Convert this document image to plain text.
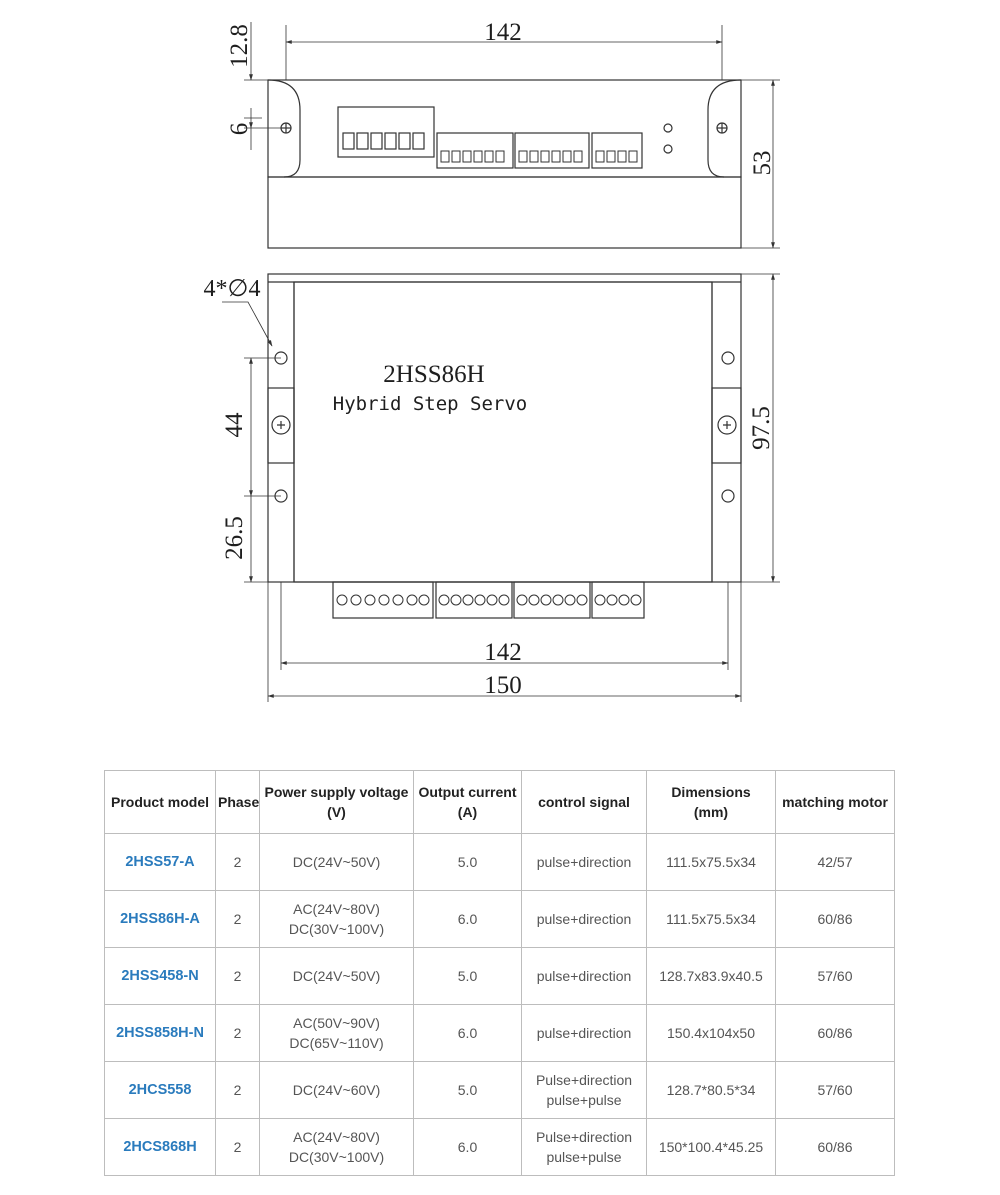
142
12.8
6
53
2HSS86H
Hybrid Step Servo
4*∅4
44
26.5
97.5
142
150
Product model	Phase	Power supply voltage
(V)	Output current
(A)	control signal	Dimensions
(mm)	matching motor

2HSS57-A	2	DC(24V~50V)	5.0	pulse+direction	111.5x75.5x34	42/57
2HSS86H-A	2	AC(24V~80V)
DC(30V~100V)	6.0	pulse+direction	111.5x75.5x34	60/86
2HSS458-N	2	DC(24V~50V)	5.0	pulse+direction	128.7x83.9x40.5	57/60
2HSS858H-N	2	AC(50V~90V)
DC(65V~110V)	6.0	pulse+direction	150.4x104x50	60/86
2HCS558	2	DC(24V~60V)	5.0	Pulse+direction
pulse+pulse	128.7*80.5*34	57/60
2HCS868H	2	AC(24V~80V)
DC(30V~100V)	6.0	Pulse+direction
pulse+pulse	150*100.4*45.25	60/86
